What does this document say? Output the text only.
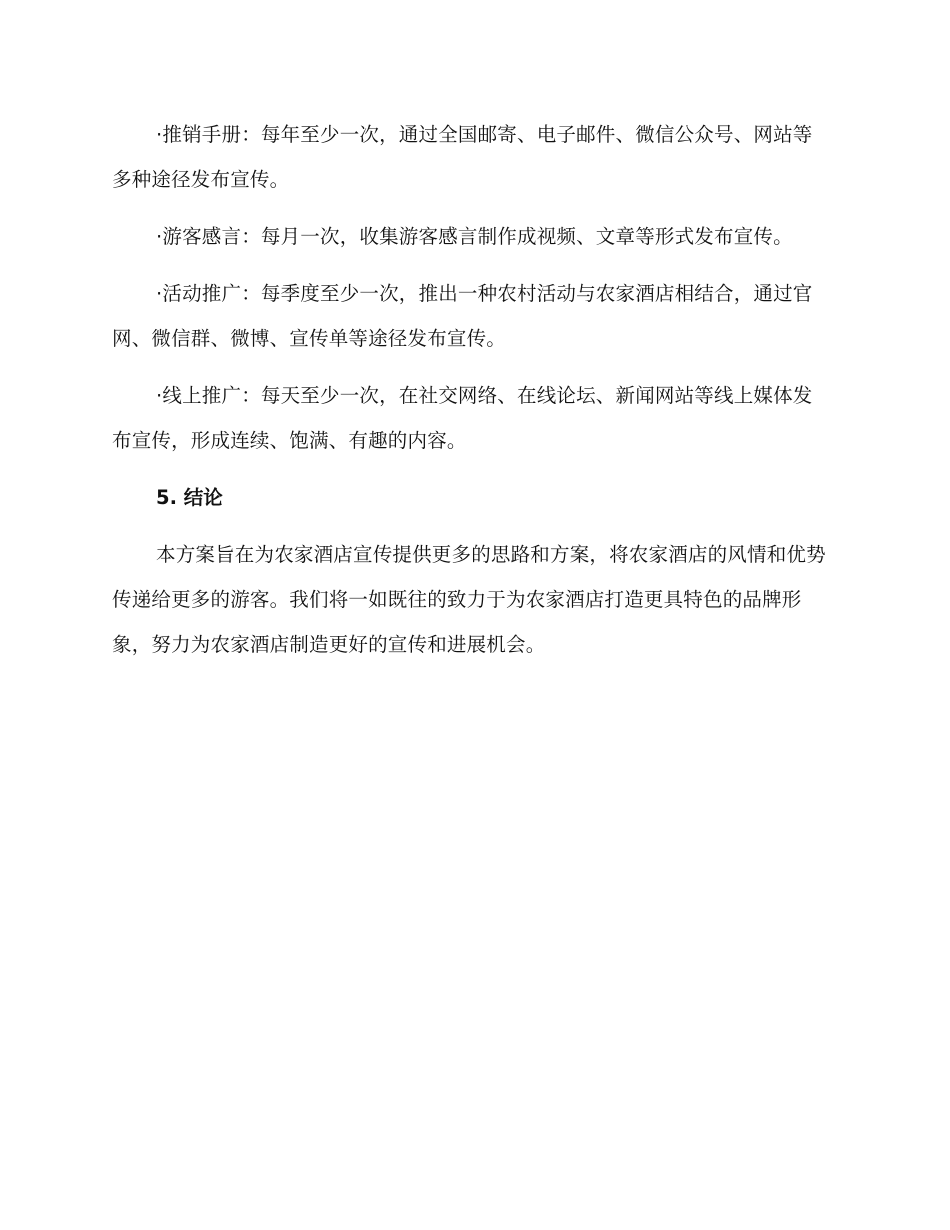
·推销手册：每年至少一次，通过全国邮寄、电子邮件、微信公众号、网站等多种途径发布宣传。

·游客感言：每月一次，收集游客感言制作成视频、文章等形式发布宣传。

·活动推广：每季度至少一次，推出一种农村活动与农家酒店相结合，通过官网、微信群、微博、宣传单等途径发布宣传。

·线上推广：每天至少一次，在社交网络、在线论坛、新闻网站等线上媒体发布宣传，形成连续、饱满、有趣的内容。

5. 结论

本方案旨在为农家酒店宣传提供更多的思路和方案，将农家酒店的风情和优势传递给更多的游客。我们将一如既往的致力于为农家酒店打造更具特色的品牌形象，努力为农家酒店制造更好的宣传和进展机会。
